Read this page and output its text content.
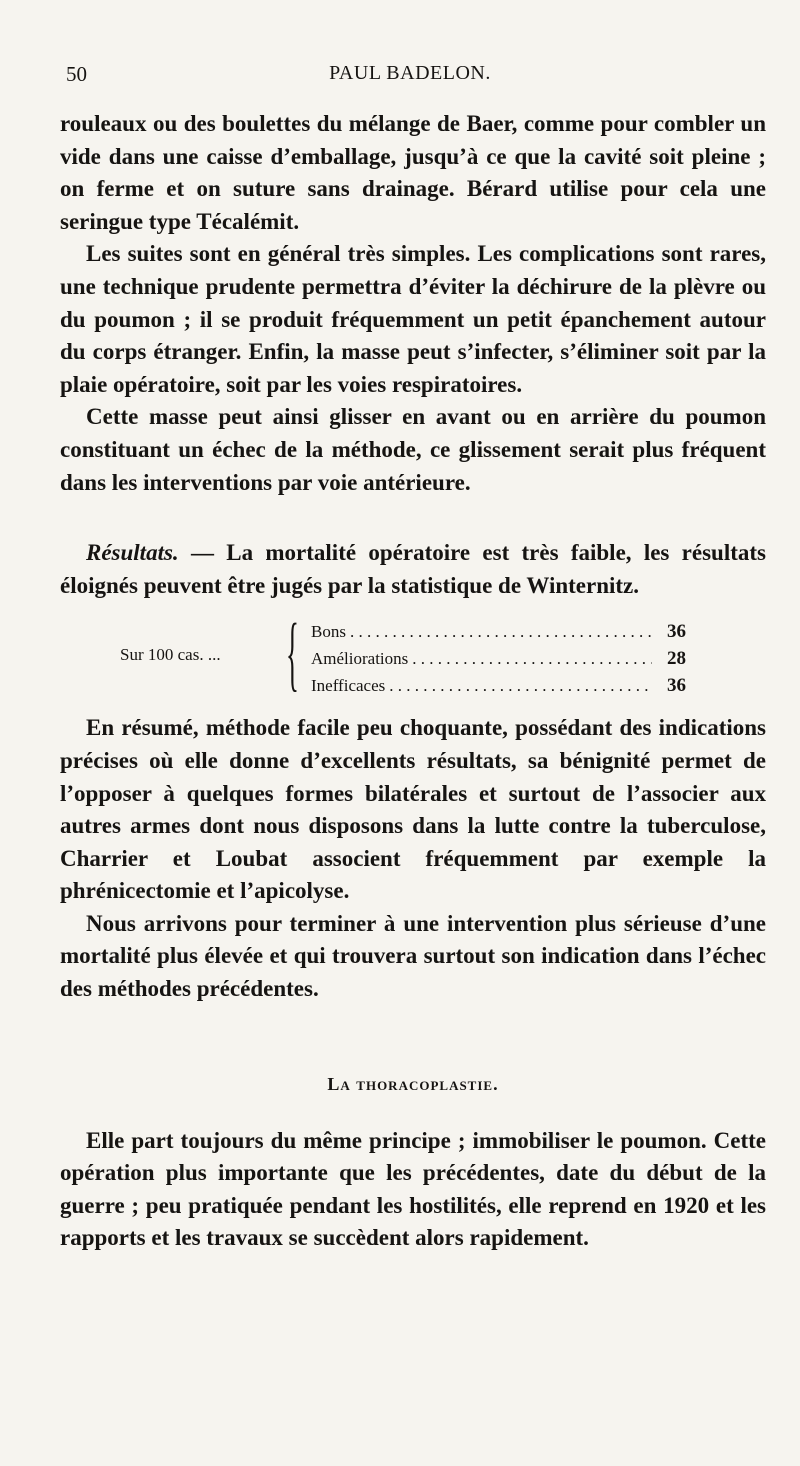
50	PAUL BADELON.

rouleaux ou des boulettes du mélange de Baer, comme pour combler un vide dans une caisse d’emballage, jusqu’à ce que la cavité soit pleine ; on ferme et on suture sans drainage. Bérard utilise pour cela une seringue type Técalémit.

Les suites sont en général très simples. Les complications sont rares, une technique prudente permettra d’éviter la déchirure de la plèvre ou du poumon ; il se produit fréquemment un petit épanchement autour du corps étranger. Enfin, la masse peut s’infecter, s’éliminer soit par la plaie opératoire, soit par les voies respiratoires.

Cette masse peut ainsi glisser en avant ou en arrière du poumon constituant un échec de la méthode, ce glissement serait plus fréquent dans les interventions par voie antérieure.

Résultats. — La mortalité opératoire est très faible, les résultats éloignés peuvent être jugés par la statistique de Winternitz.

Sur 100 cas. ... { Bons . . .	36
Améliorations . . .	28
Inefficaces . . .	36

En résumé, méthode facile peu choquante, possédant des indications précises où elle donne d’excellents résultats, sa bénignité permet de l’opposer à quelques formes bilatérales et surtout de l’associer aux autres armes dont nous disposons dans la lutte contre la tuberculose, Charrier et Loubat associent fréquemment par exemple la phrénicectomie et l’apicolyse.

Nous arrivons pour terminer à une intervention plus sérieuse d’une mortalité plus élevée et qui trouvera surtout son indication dans l’échec des méthodes précédentes.

La thoracoplastie.

Elle part toujours du même principe ; immobiliser le poumon. Cette opération plus importante que les précédentes, date du début de la guerre ; peu pratiquée pendant les hostilités, elle reprend en 1920 et les rapports et les travaux se succèdent alors rapidement.
